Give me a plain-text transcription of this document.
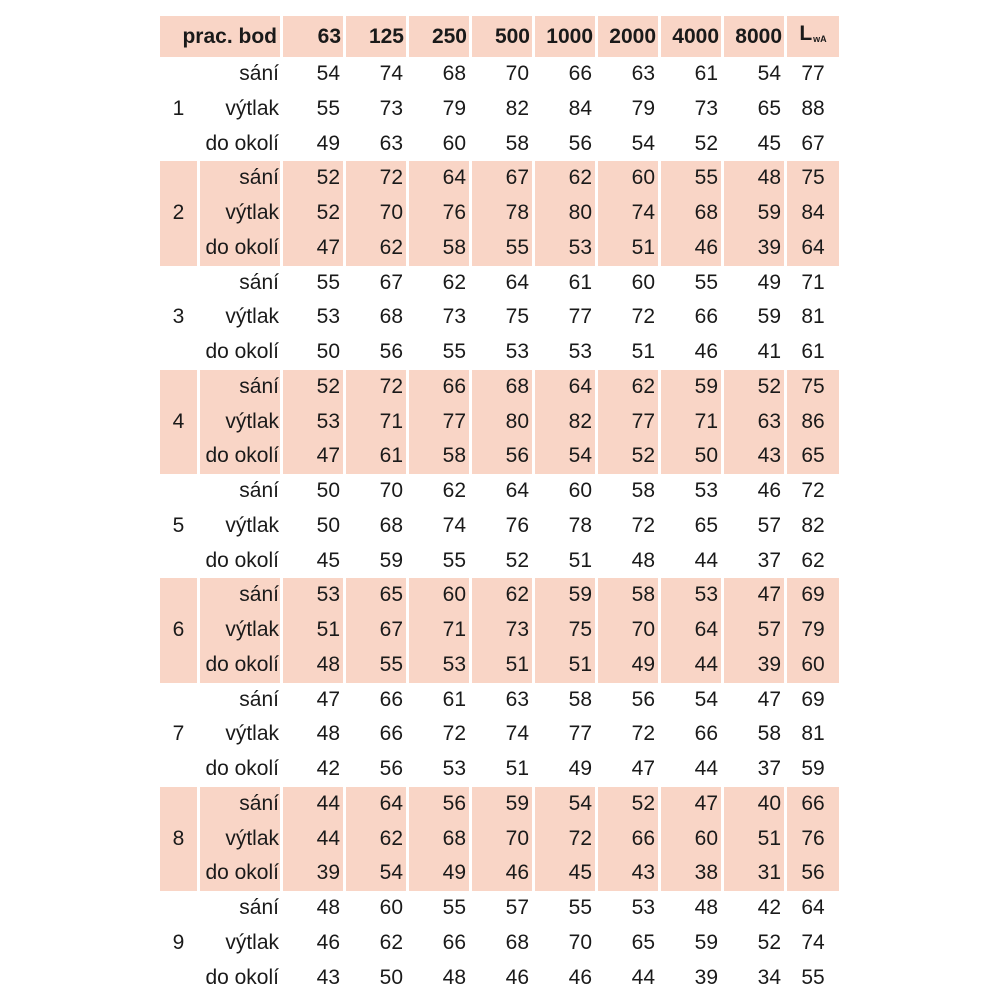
prac. bod		63	125	250	500	1000	2000	4000	8000	$L_{wA}$
1	sání	54	74	68	70	66	63	61	54	77
	výtlak	55	73	79	82	84	79	73	65	88
	do okolí	49	63	60	58	56	54	52	45	67
2	sání	52	72	64	67	62	60	55	48	75
	výtlak	52	70	76	78	80	74	68	59	84
	do okolí	47	62	58	55	53	51	46	39	64
3	sání	55	67	62	64	61	60	55	49	71
	výtlak	53	68	73	75	77	72	66	59	81
	do okolí	50	56	55	53	53	51	46	41	61
4	sání	52	72	66	68	64	62	59	52	75
	výtlak	53	71	77	80	82	77	71	63	86
	do okolí	47	61	58	56	54	52	50	43	65
5	sání	50	70	62	64	60	58	53	46	72
	výtlak	50	68	74	76	78	72	65	57	82
	do okolí	45	59	55	52	51	48	44	37	62
6	sání	53	65	60	62	59	58	53	47	69
	výtlak	51	67	71	73	75	70	64	57	79
	do okolí	48	55	53	51	51	49	44	39	60
7	sání	47	66	61	63	58	56	54	47	69
	výtlak	48	66	72	74	77	72	66	58	81
	do okolí	42	56	53	51	49	47	44	37	59
8	sání	44	64	56	59	54	52	47	40	66
	výtlak	44	62	68	70	72	66	60	51	76
	do okolí	39	54	49	46	45	43	38	31	56
9	sání	48	60	55	57	55	53	48	42	64
	výtlak	46	62	66	68	70	65	59	52	74
	do okolí	43	50	48	46	46	44	39	34	55
